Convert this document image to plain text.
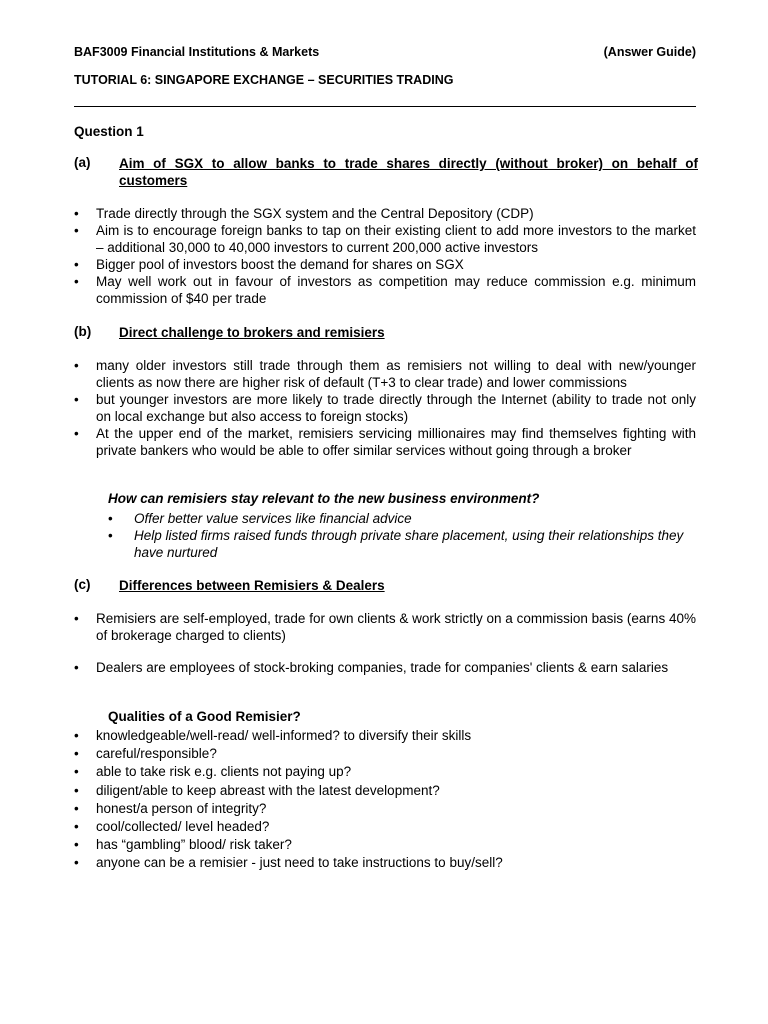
BAF3009 Financial Institutions & Markets	(Answer Guide)
TUTORIAL 6: SINGAPORE EXCHANGE – SECURITIES TRADING
Question 1
(a) Aim of SGX to allow banks to trade shares directly (without broker) on behalf of customers
• Trade directly through the SGX system and the Central Depository (CDP)
• Aim is to encourage foreign banks to tap on their existing client to add more investors to the market – additional 30,000 to 40,000 investors to current 200,000 active investors
• Bigger pool of investors boost the demand for shares on SGX
• May well work out in favour of investors as competition may reduce commission e.g. minimum commission of $40 per trade
(b) Direct challenge to brokers and remisiers
• many older investors still trade through them as remisiers not willing to deal with new/younger clients as now there are higher risk of default (T+3 to clear trade) and lower commissions
• but younger investors are more likely to trade directly through the Internet (ability to trade not only on local exchange but also access to foreign stocks)
• At the upper end of the market, remisiers servicing millionaires may find themselves fighting with private bankers who would be able to offer similar services without going through a broker
How can remisiers stay relevant to the new business environment?
• Offer better value services like financial advice
• Help listed firms raised funds through private share placement, using their relationships they have nurtured
(c) Differences between Remisiers & Dealers
• Remisiers are self-employed, trade for own clients & work strictly on a commission basis (earns 40% of brokerage charged to clients)
• Dealers are employees of stock-broking companies, trade for companies' clients & earn salaries
Qualities of a Good Remisier?
• knowledgeable/well-read/ well-informed? to diversify their skills
• careful/responsible?
• able to take risk e.g. clients not paying up?
• diligent/able to keep abreast with the latest development?
• honest/a person of integrity?
• cool/collected/ level headed?
• has “gambling” blood/ risk taker?
• anyone can be a remisier - just need to take instructions to buy/sell?
